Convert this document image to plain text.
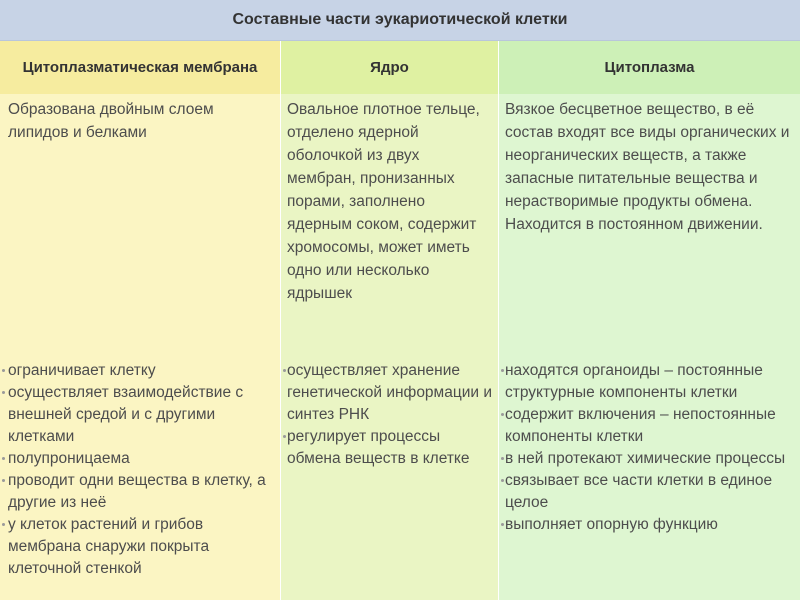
Составные части эукариотической клетки
Цитоплазматическая мембрана
Образована двойным слоем липидов и белками
ограничивает клетку
осуществляет взаимодействие с внешней средой и с другими клетками
полупроницаема
проводит одни вещества в клетку, а другие из неё
у клеток растений и грибов мембрана снаружи покрыта клеточной стенкой
Ядро
Овальное плотное тельце, отделено ядерной оболочкой из двух мембран, пронизанных порами, заполнено ядерным соком, содержит хромосомы, может иметь одно или несколько ядрышек
осуществляет хранение генетической информации и синтез РНК
регулирует процессы обмена веществ в клетке
Цитоплазма
Вязкое бесцветное вещество, в её состав входят все виды органических и неорганических веществ, а также запасные питательные вещества и нерастворимые продукты обмена. Находится в постоянном движении.
находятся органоиды – постоянные структурные компоненты клетки
содержит включения – непостоянные компоненты клетки
в ней протекают химические процессы
связывает все части клетки в единое целое
выполняет опорную функцию
